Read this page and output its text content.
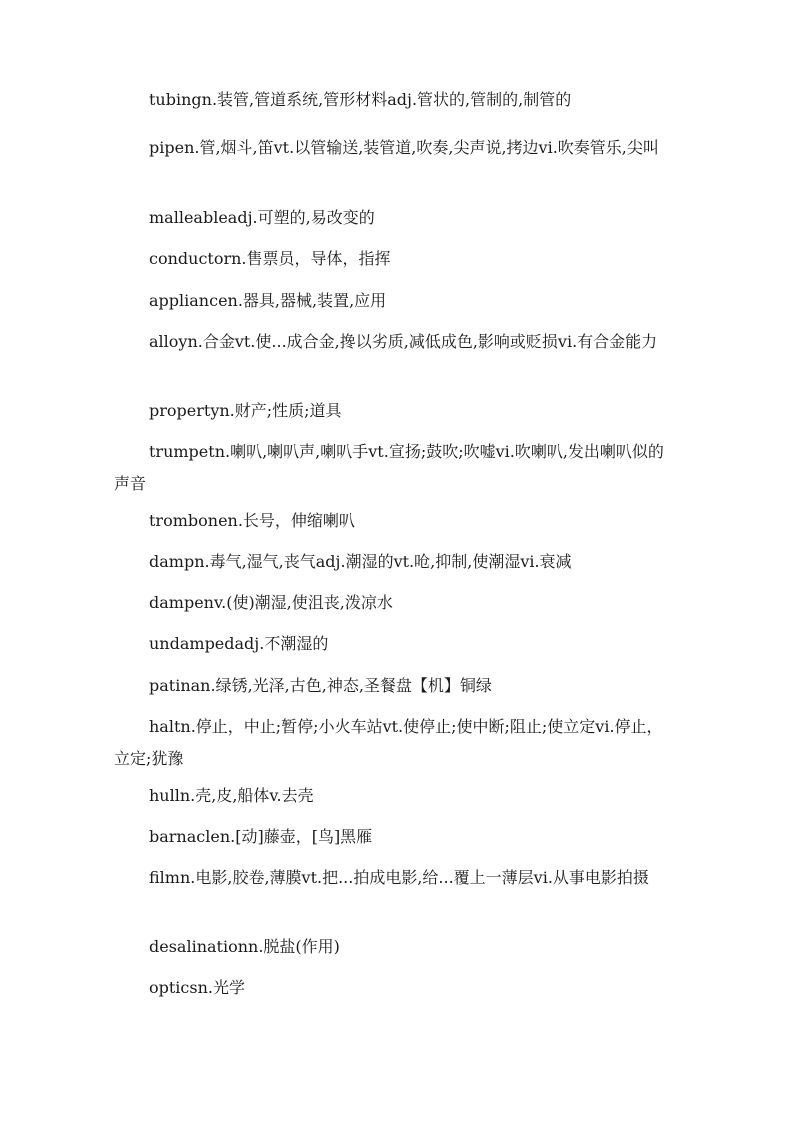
tubingn.装管,管道系统,管形材料adj.管状的,管制的,制管的

pipen.管,烟斗,笛vt.以管输送,装管道,吹奏,尖声说,拷边vi.吹奏管乐,尖叫

malleableadj.可塑的,易改变的

conductorn.售票员，导体，指挥

appliancen.器具,器械,装置,应用

alloyn.合金vt.使...成合金,搀以劣质,减低成色,影响或贬损vi.有合金能力

propertyn.财产;性质;道具

trumpetn.喇叭,喇叭声,喇叭手vt.宣扬;鼓吹;吹嘘vi.吹喇叭,发出喇叭似的声音

trombonen.长号，伸缩喇叭

dampn.毒气,湿气,丧气adj.潮湿的vt.呛,抑制,使潮湿vi.衰减

dampenv.(使)潮湿,使沮丧,泼凉水

undampedadj.不潮湿的

patinan.绿锈,光泽,古色,神态,圣餐盘【机】铜绿

haltn.停止，中止;暂停;小火车站vt.使停止;使中断;阻止;使立定vi.停止，立定;犹豫

hulln.壳,皮,船体v.去壳

barnaclen.[动]藤壶，[鸟]黑雁

filmn.电影,胶卷,薄膜vt.把...拍成电影,给...覆上一薄层vi.从事电影拍摄

desalinationn.脱盐(作用)

opticsn.光学
